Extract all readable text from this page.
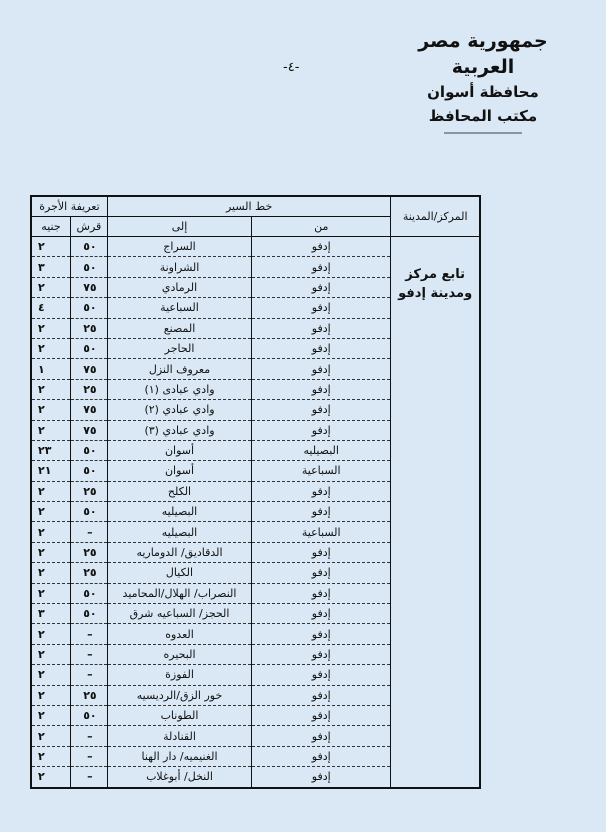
جمهورية مصر العربية
محافظة أسوان
مكتب المحافظ
-٤-
المركز/المدينة	خط السير		تعريفة الأجرة	
	من	إلى	قرش	جنيه
تابع مركز ومدينة إدفو	إدفو	السراج	٥٠	٢
	إدفو	الشراونة	٥٠	٣
	إدفو	الرمادي	٧٥	٢
	إدفو	السباعية	٥٠	٤
	إدفو	المصنع	٢٥	٢
	إدفو	الحاجر	٥٠	٢
	إدفو	معروف النزل	٧٥	١
	إدفو	وادي عبادى (١)	٢٥	٢
	إدفو	وادي عبادي (٢)	٧٥	٢
	إدفو	وادي عبادي (٣)	٧٥	٢
	البصيليه	أسوان	٥٠	٢٣
	السباعية	أسوان	٥٠	٢١
	إدفو	الكلح	٢٥	٢
	إدفو	البصيليه	٥٠	٢
	السباعية	البصيليه	–	٢
	إدفو	الدقاديق/ الدوماريه	٢٥	٢
	إدفو	الكيال	٢٥	٢
	إدفو	النصراب/ الهلال/المحاميد	٥٠	٢
	إدفو	الحجز/ السباعيه شرق	٥٠	٣
	إدفو	العدوه	–	٢
	إدفو	البحيره	–	٢
	إدفو	الفوزة	–	٢
	إدفو	خور الزق/الرديسيه	٢٥	٢
	إدفو	الطوناب	٥٠	٢
	إدفو	القنادلة	–	٢
	إدفو	الغنيميه/ دار الهنا	–	٢
	إدفو	النخل/ أبوغلاب	–	٢
